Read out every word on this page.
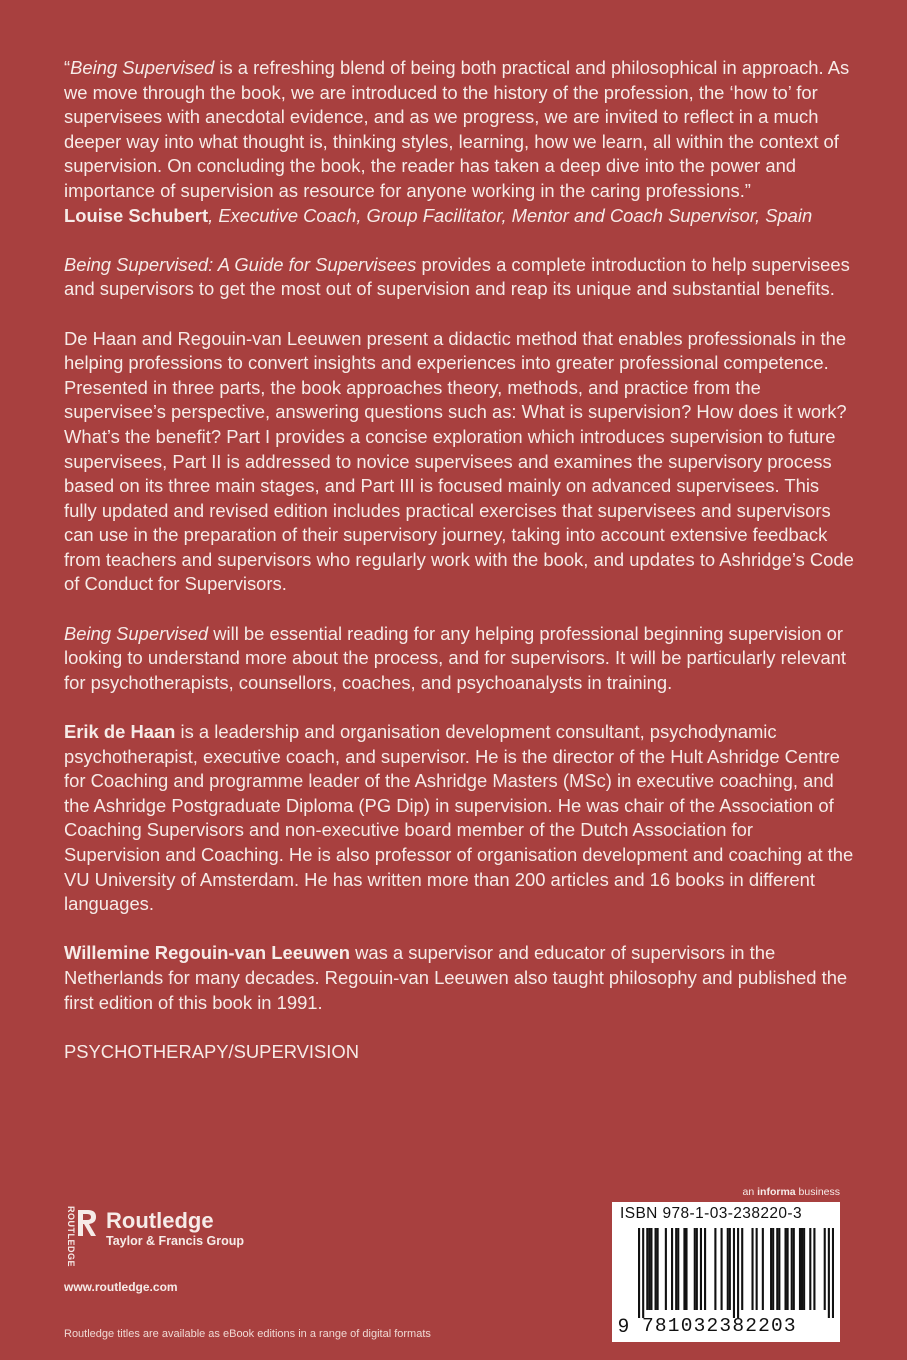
“Being Supervised is a refreshing blend of being both practical and philosophical in approach. As we move through the book, we are introduced to the history of the profession, the ‘how to’ for supervisees with anecdotal evidence, and as we progress, we are invited to reflect in a much deeper way into what thought is, thinking styles, learning, how we learn, all within the context of supervision. On concluding the book, the reader has taken a deep dive into the power and importance of supervision as resource for anyone working in the caring professions.”

Louise Schubert, Executive Coach, Group Facilitator, Mentor and Coach Supervisor, Spain

Being Supervised: A Guide for Supervisees provides a complete introduction to help supervisees and supervisors to get the most out of supervision and reap its unique and substantial benefits.

De Haan and Regouin-van Leeuwen present a didactic method that enables professionals in the helping professions to convert insights and experiences into greater professional competence. Presented in three parts, the book approaches theory, methods, and practice from the supervisee’s perspective, answering questions such as: What is supervision? How does it work? What’s the benefit? Part I provides a concise exploration which introduces supervision to future supervisees, Part II is addressed to novice supervisees and examines the supervisory process based on its three main stages, and Part III is focused mainly on advanced supervisees. This fully updated and revised edition includes practical exercises that supervisees and supervisors can use in the preparation of their supervisory journey, taking into account extensive feedback from teachers and supervisors who regularly work with the book, and updates to Ashridge’s Code of Conduct for Supervisors.

Being Supervised will be essential reading for any helping professional beginning supervision or looking to understand more about the process, and for supervisors. It will be particularly relevant for psychotherapists, counsellors, coaches, and psychoanalysts in training.

Erik de Haan is a leadership and organisation development consultant, psychodynamic psychotherapist, executive coach, and supervisor. He is the director of the Hult Ashridge Centre for Coaching and programme leader of the Ashridge Masters (MSc) in executive coaching, and the Ashridge Postgraduate Diploma (PG Dip) in supervision. He was chair of the Association of Coaching Supervisors and non-executive board member of the Dutch Association for Supervision and Coaching. He is also professor of organisation development and coaching at the VU University of Amsterdam. He has written more than 200 articles and 16 books in different languages.

Willemine Regouin-van Leeuwen was a supervisor and educator of supervisors in the Netherlands for many decades. Regouin-van Leeuwen also taught philosophy and published the first edition of this book in 1991.

PSYCHOTHERAPY/SUPERVISION

ROUTLEDGE Routledge
Taylor & Francis Group
www.routledge.com
Routledge titles are available as eBook editions in a range of digital formats
an informa business
ISBN 978-1-03-238220-3
9 781032382203
